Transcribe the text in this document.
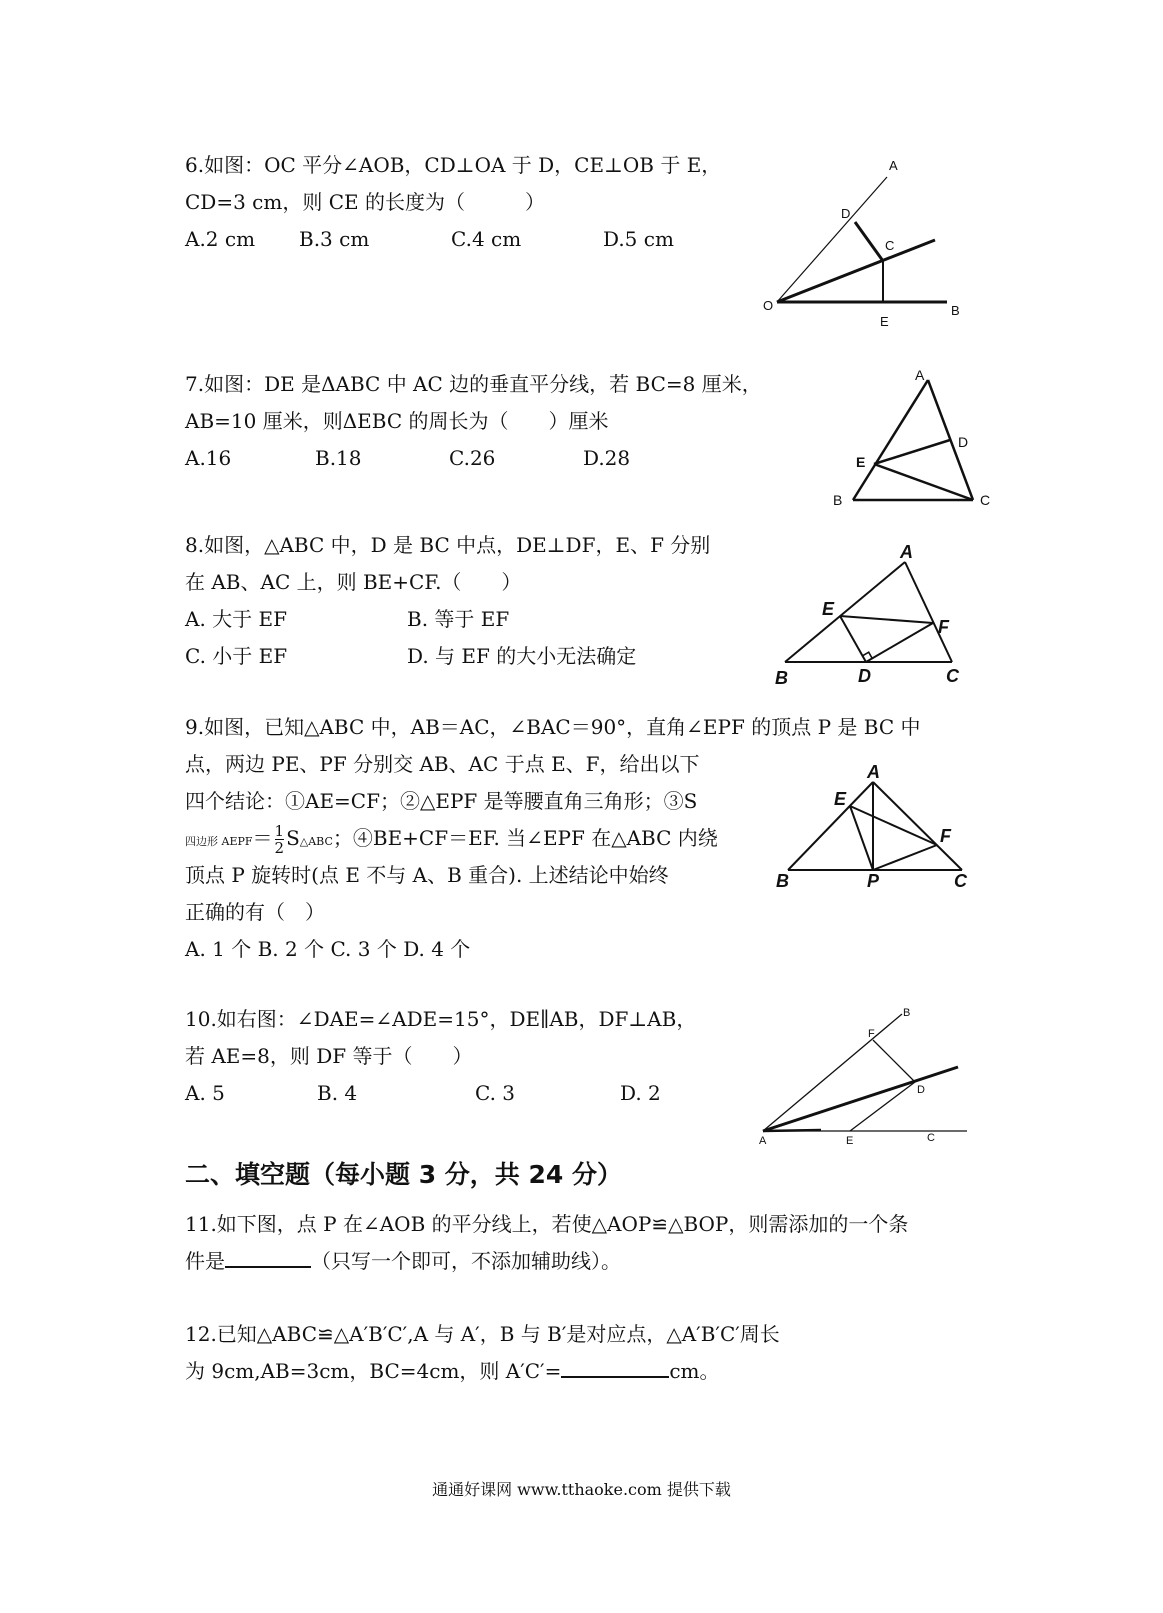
6.如图：OC 平分∠AOB，CD⊥OA 于 D，CE⊥OB 于 E，
CD=3 cm，则 CE 的长度为（　　　）
A.2 cm B.3 cm	C.4 cm	D.5 cm
A
D
C
O
E
B
7.如图：DE 是ΔABC 中 AC 边的垂直平分线，若 BC=8 厘米，
AB=10 厘米，则ΔEBC 的周长为（　　）厘米
A.16	B.18	C.26	D.28
A
D
E
B	C
8.如图，△ABC 中，D 是 BC 中点，DE⊥DF，E、F 分别
在 AB、AC 上，则 BE+CF.（　　）
A. 大于 EF	B. 等于 EF
C. 小于 EF	D. 与 EF 的大小无法确定
A
E
F
B	D	C
9.如图，已知△ABC 中，AB＝AC，∠BAC＝90°，直角∠EPF 的顶点 P 是 BC 中
点，两边 PE、PF 分别交 AB、AC 于点 E、F，给出以下
四个结论：①AE=CF；②△EPF 是等腰直角三角形；③S
四边形 AEPF＝ $\frac{1}{2}$ S△ABC；④BE+CF＝EF. 当∠EPF 在△ABC 内绕
顶点 P 旋转时(点 E 不与 A、B 重合). 上述结论中始终
正确的有（　）
A. 1 个 B. 2 个 C. 3 个 D. 4 个
A
E
F
B	P	C
10.如右图：∠DAE=∠ADE=15°，DE∥AB，DF⊥AB，
若 AE=8，则 DF 等于（　　）
A. 5	B. 4	C. 3	D. 2
B
F
D
A	E	C
二、填空题（每小题 3 分，共 24 分）
11.如下图，点 P 在∠AOB 的平分线上，若使△AOP≌△BOP，则需添加的一个条
件是	（只写一个即可，不添加辅助线）。
12.已知△ABC≌△A′B′C′,A 与 A′，B 与 B′是对应点，△A′B′C′周长
为 9cm,AB=3cm，BC=4cm，则 A′C′=	cm。
通通好课网 www.tthaoke.com 提供下载
